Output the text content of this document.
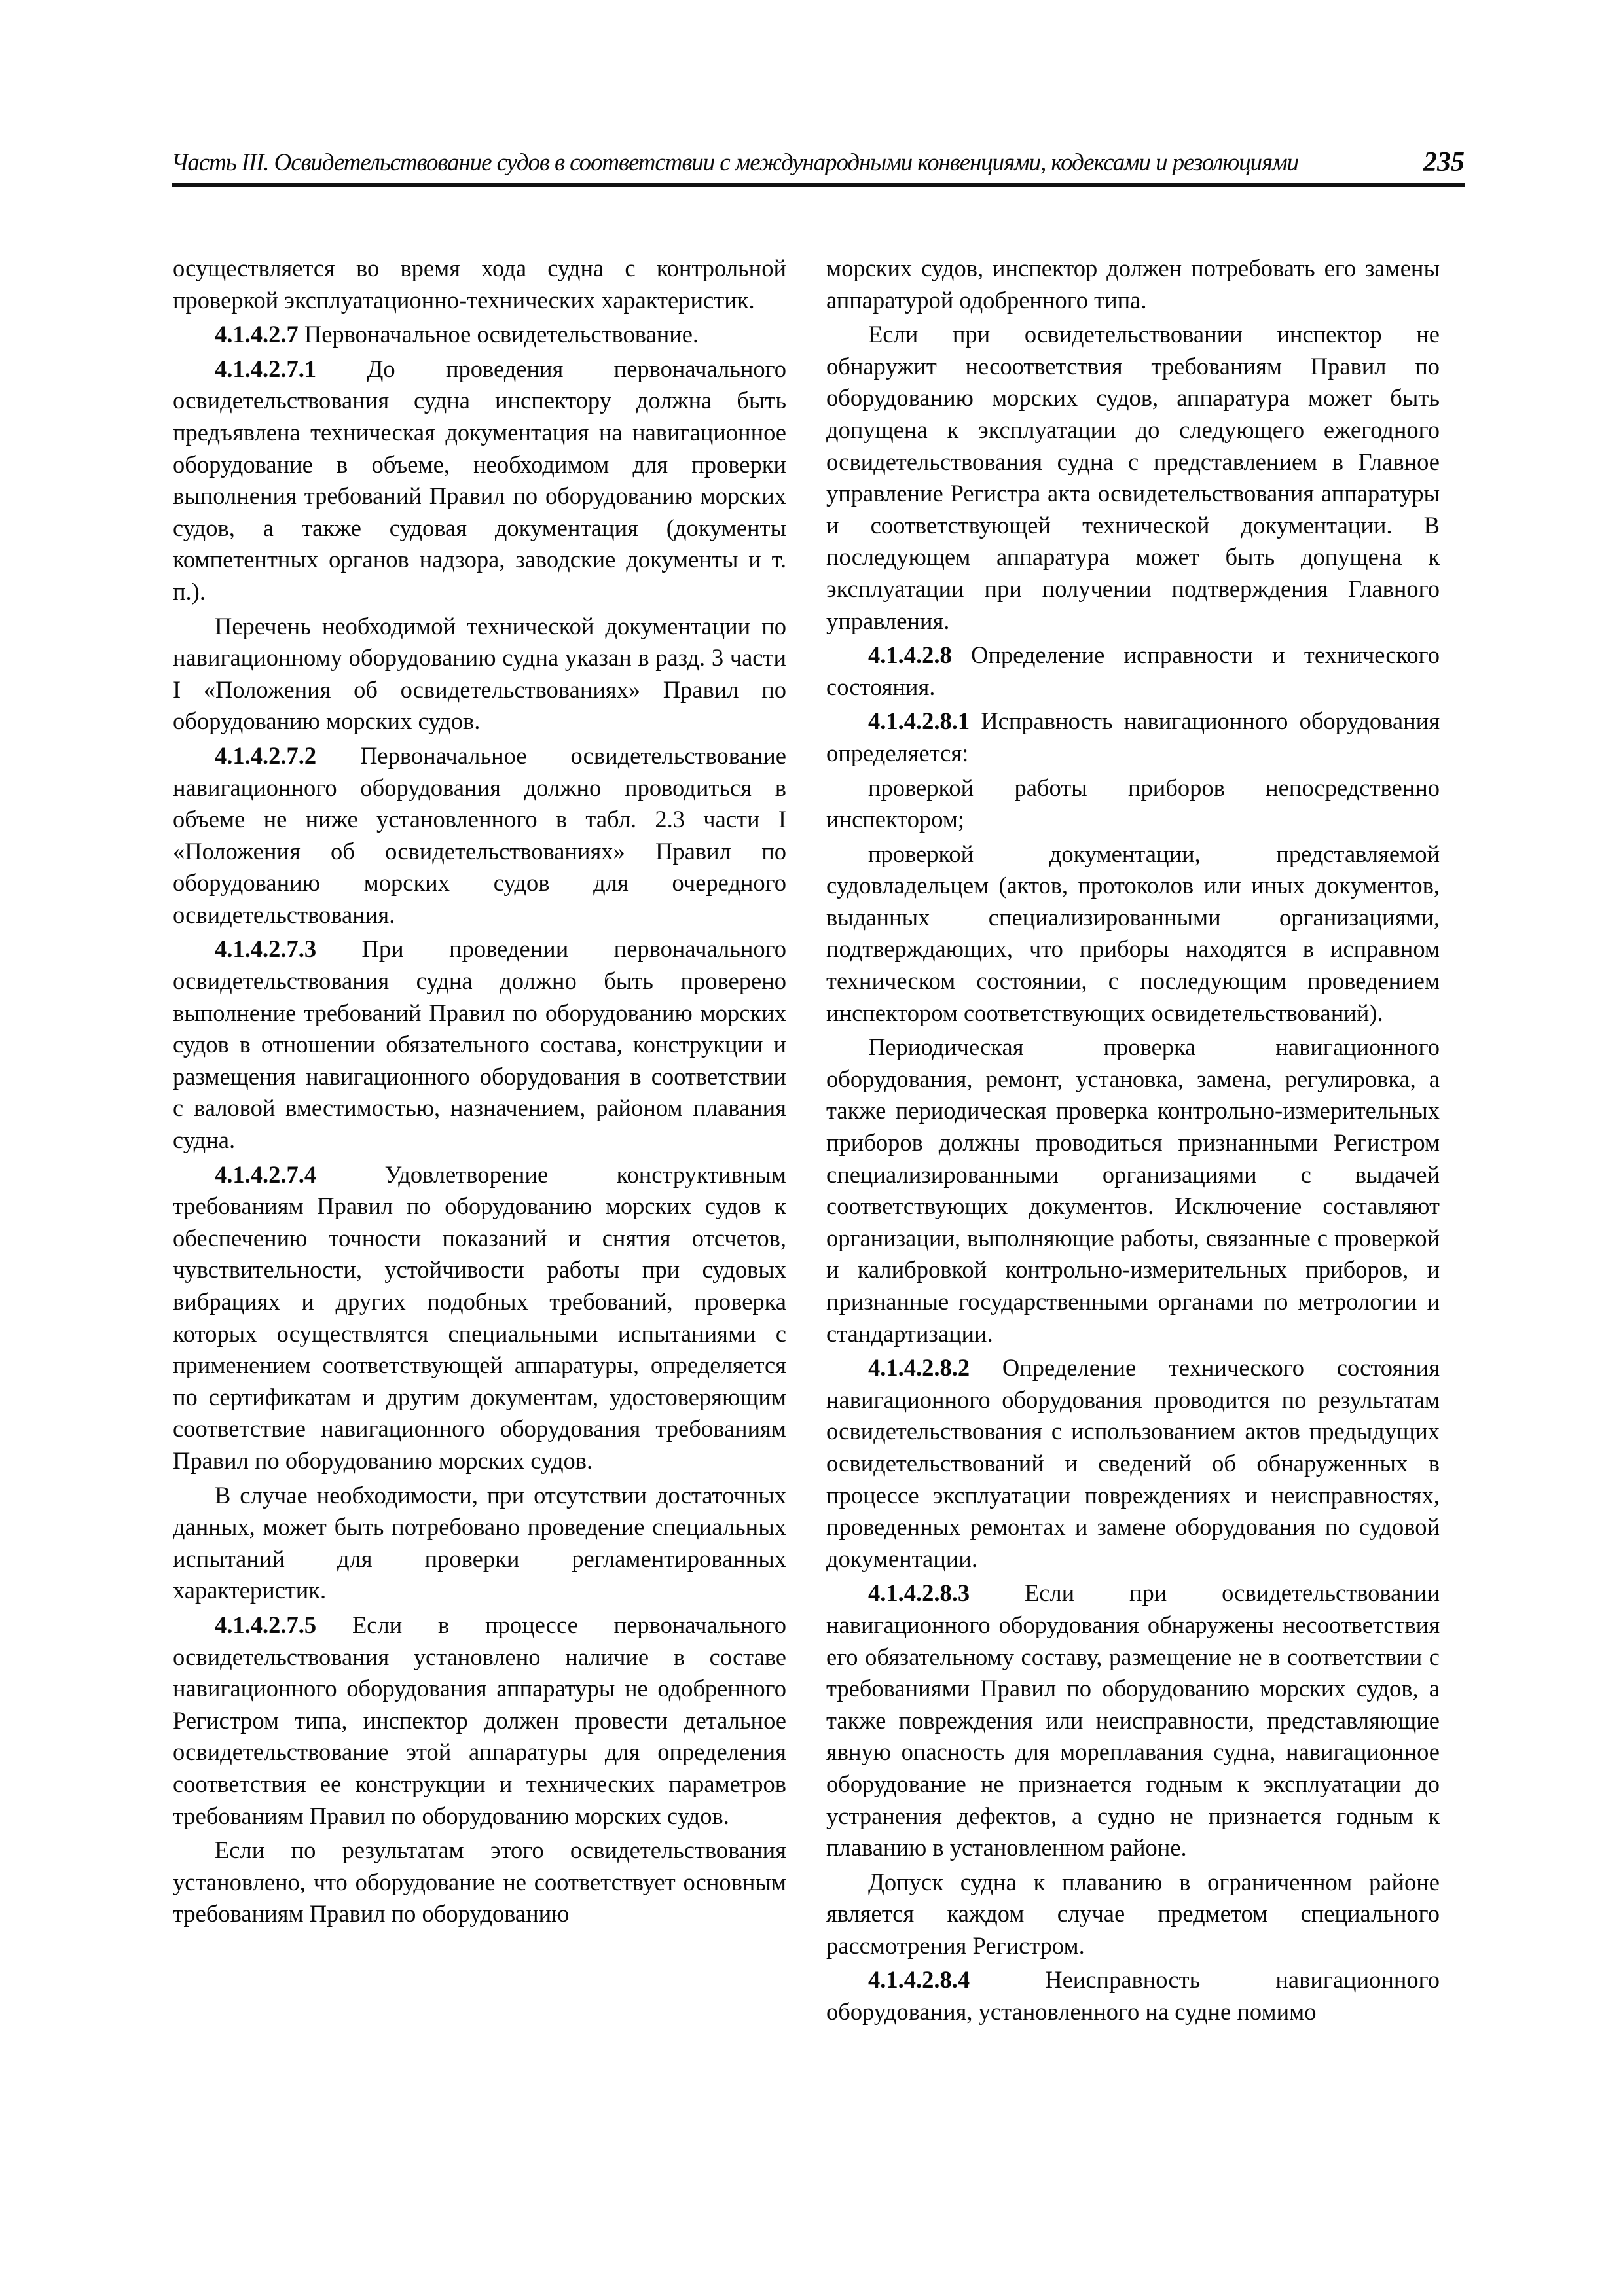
Часть III. Освидетельствование судов в соответствии с международными конвенциями, кодексами и резолюциями	235

осуществляется во время хода судна с контрольной проверкой эксплуатационно-технических характеристик.

4.1.4.2.7 Первоначальное освидетельствование.

4.1.4.2.7.1 До проведения первоначального освидетельствования судна инспектору должна быть предъявлена техническая документация на навигационное оборудование в объеме, необходимом для проверки выполнения требований Правил по оборудованию морских судов, а также судовая документация (документы компетентных органов надзора, заводские документы и т. п.).

Перечень необходимой технической документации по навигационному оборудованию судна указан в разд. 3 части I «Положения об освидетельствованиях» Правил по оборудованию морских судов.

4.1.4.2.7.2 Первоначальное освидетельствование навигационного оборудования должно проводиться в объеме не ниже установленного в табл. 2.3 части I «Положения об освидетельствованиях» Правил по оборудованию морских судов для очередного освидетельствования.

4.1.4.2.7.3 При проведении первоначального освидетельствования судна должно быть проверено выполнение требований Правил по оборудованию морских судов в отношении обязательного состава, конструкции и размещения навигационного оборудования в соответствии с валовой вместимостью, назначением, районом плавания судна.

4.1.4.2.7.4 Удовлетворение конструктивным требованиям Правил по оборудованию морских судов к обеспечению точности показаний и снятия отсчетов, чувствительности, устойчивости работы при судовых вибрациях и других подобных требований, проверка которых осуществлятся специальными испытаниями с применением соответствующей аппаратуры, определяется по сертификатам и другим документам, удостоверяющим соответствие навигационного оборудования требованиям Правил по оборудованию морских судов.

В случае необходимости, при отсутствии достаточных данных, может быть потребовано проведение специальных испытаний для проверки регламентированных характеристик.

4.1.4.2.7.5 Если в процессе первоначального освидетельствования установлено наличие в составе навигационного оборудования аппаратуры не одобренного Регистром типа, инспектор должен провести детальное освидетельствование этой аппаратуры для определения соответствия ее конструкции и технических параметров требованиям Правил по оборудованию морских судов.

Если по результатам этого освидетельствования установлено, что оборудование не соответствует основным требованиям Правил по оборудованию

морских судов, инспектор должен потребовать его замены аппаратурой одобренного типа.

Если при освидетельствовании инспектор не обнаружит несоответствия требованиям Правил по оборудованию морских судов, аппаратура может быть допущена к эксплуатации до следующего ежегодного освидетельствования судна с представлением в Главное управление Регистра акта освидетельствования аппаратуры и соответствующей технической документации. В последующем аппаратура может быть допущена к эксплуатации при получении подтверждения Главного управления.

4.1.4.2.8 Определение исправности и технического состояния.

4.1.4.2.8.1 Исправность навигационного оборудования определяется:

проверкой работы приборов непосредственно инспектором;

проверкой документации, представляемой судовладельцем (актов, протоколов или иных документов, выданных специализированными организациями, подтверждающих, что приборы находятся в исправном техническом состоянии, с последующим проведением инспектором соответствующих освидетельствований).

Периодическая проверка навигационного оборудования, ремонт, установка, замена, регулировка, а также периодическая проверка контрольно-измерительных приборов должны проводиться признанными Регистром специализированными организациями с выдачей соответствующих документов. Исключение составляют организации, выполняющие работы, связанные с проверкой и калибровкой контрольно-измерительных приборов, и признанные государственными органами по метрологии и стандартизации.

4.1.4.2.8.2 Определение технического состояния навигационного оборудования проводится по результатам освидетельствования с использованием актов предыдущих освидетельствований и сведений об обнаруженных в процессе эксплуатации повреждениях и неисправностях, проведенных ремонтах и замене оборудования по судовой документации.

4.1.4.2.8.3 Если при освидетельствовании навигационного оборудования обнаружены несоответствия его обязательному составу, размещение не в соответствии с требованиями Правил по оборудованию морских судов, а также повреждения или неисправности, представляющие явную опасность для мореплавания судна, навигационное оборудование не признается годным к эксплуатации до устранения дефектов, а судно не признается годным к плаванию в установленном районе.

Допуск судна к плаванию в ограниченном районе является каждом случае предметом специального рассмотрения Регистром.

4.1.4.2.8.4 Неисправность навигационного оборудования, установленного на судне помимо
